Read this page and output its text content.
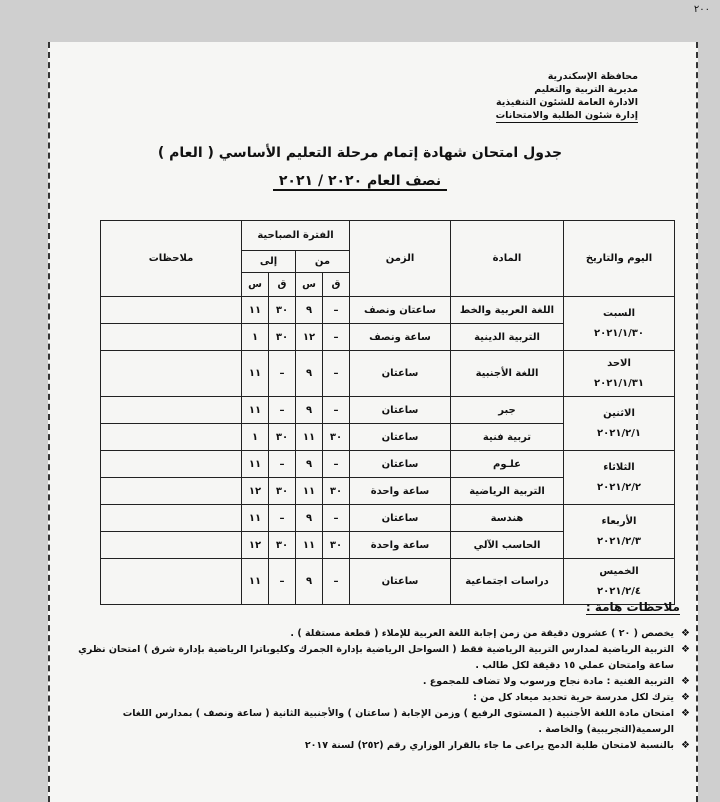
۲۰۰
محافظة الإسكندرية
مديرية التربية والتعليم
الادارة العامة للشئون التنفيذية
إدارة شئون الطلبة والامتحانات
جدول امتحان شهادة إتمام مرحلة التعليم الأساسي ( العام )
نصف العام ٢٠٢٠ / ٢٠٢١
اليوم والتاريخ	المادة	الزمن	الفترة الصباحية				ملاحظات
			من		إلى		
			ق	س	ق	س	

السبت
٢٠٢١/١/٣٠	اللغة العربية والخط	ساعتان ونصف	–	٩	٣٠	١١	
	التربية الدينية	ساعة ونصف	–	١٢	٣٠	١	

الاحد
٢٠٢١/١/٣١	اللغة الأجنبية	ساعتان	–	٩	–	١١	

الاثنين
٢٠٢١/٢/١	جبر	ساعتان	–	٩	–	١١	
	تربية فنية	ساعتان	٣٠	١١	٣٠	١	

الثلاثاء
٢٠٢١/٢/٢	علـوم	ساعتان	–	٩	–	١١	
	التربية الرياضية	ساعة واحدة	٣٠	١١	٣٠	١٢	

الأربعاء
٢٠٢١/٢/٣	هندسة	ساعتان	–	٩	–	١١	
	الحاسب الآلي	ساعة واحدة	٣٠	١١	٣٠	١٢	

الخميس
٢٠٢١/٢/٤	دراسات اجتماعية	ساعتان	–	٩	–	١١	
ملاحظات هامة :
❖
يخصص ( ٢٠ ) عشرون دقيقة من زمن إجابة اللغة العربية للإملاء ( قطعة مستقلة ) .
❖
التربية الرياضية لمدارس التربية الرياضية فقط ( السواحل الرياضية بإدارة الجمرك وكليوباترا الرياضية بإدارة شرق ) امتحان نظري ساعة وامتحان عملي ١٥ دقيقة لكل طالب .
❖
التربية الفنية : مادة نجاح ورسوب ولا تضاف للمجموع .
❖
يترك لكل مدرسة حرية تحديد ميعاد كل من :
❖
امتحان مادة اللغة الأجنبية ( المستوى الرفيع ) وزمن الإجابة ( ساعتان ) والأجنبية الثانية ( ساعة ونصف ) بمدارس اللغات الرسمية(التجريبية) والخاصة .
❖
بالنسبة لامتحان طلبة الدمج يراعى ما جاء بالقرار الوزاري رقم (٢٥٢) لسنة ٢٠١٧
